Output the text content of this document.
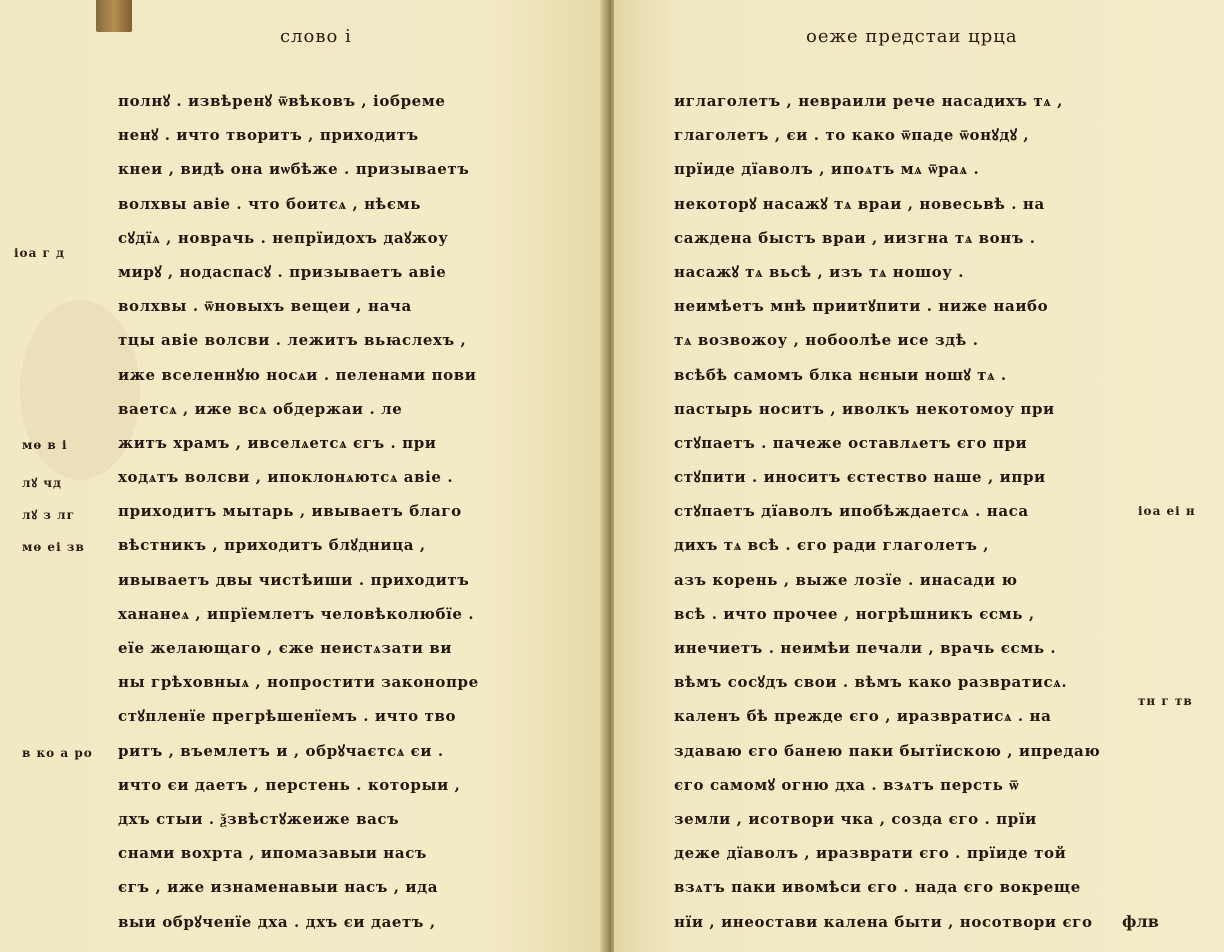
слово і
полнꙋ . извѣренꙋ ѿвѣковъ , іобреме
ненꙋ . ичто творитъ , приходитъ
кнеи , видѣ она иѡбѣже . призываетъ
волхвы авіе . что боитєѧ , нѣємь
сꙋдїѧ , новрачь . непрїидохъ даꙋжоу
мирꙋ , нодаспасꙋ . призываетъ авіе
волхвы . ѿновыхъ вещеи , нача
тцы авіе волсви . лежитъ вьꙗслехъ ,
иже вселеннꙋю носѧи . пеленами пови
ваетсѧ , иже всѧ обдержаи . ле
житъ храмъ , ивселѧетсѧ єгъ . при
ходѧтъ волсви , ипоклонѧютсѧ авіе .
приходитъ мытарь , ивываетъ благо
вѣстникъ , приходитъ блꙋдница ,
ивываетъ двы чистѣиши . приходитъ
хананеѧ , ипрїемлетъ человѣколюбїе .
еїе желающаго , єже неистѧзати ви
ны грѣховныѧ , нопростити законопре
стꙋпленїе прегрѣшенїемъ . ичто тво
ритъ , въемлетъ и , обрꙋчаєтсѧ єи .
ичто єи даетъ , перстень . которыи ,
дхъ стыи . ѯзвѣстꙋжеиже васъ
снами вохрта , ипомазавыи насъ
єгъ , иже изнаменавыи насъ , ида
выи обрꙋченїе дха . дхъ єи даетъ ,
іоа г д
мѳ в і
лꙋ чд
лꙋ з лг
мѳ еі зв
в ко а ро
оеже предстаи црца
иглаголетъ , невраили рече насадихъ тѧ ,
глаголетъ , єи . то како ѿпаде ѿонꙋдꙋ ,
прїиде дїаволъ , ипоѧтъ мѧ ѿраѧ .
некоторꙋ насажꙋ тѧ враи , новесьвѣ . на
саждена быстъ враи , иизгна тѧ вонъ .
насажꙋ тѧ вьсѣ , изъ тѧ ношоу .
неимѣетъ мнѣ приитꙋпити . ниже наибо
тѧ возвожоу , нобоолѣе исе здѣ .
всѣбѣ самомъ блка нєныи ношꙋ тѧ .
пастырь носитъ , иволкъ некотомоу при
стꙋпаетъ . пачеже оставлѧетъ єго при
стꙋпити . иноситъ єстество наше , ипри
стꙋпаетъ дїаволъ ипобѣждаетсѧ . наса
дихъ тѧ всѣ . єго ради глаголетъ ,
азъ корень , выже лозїе . инасади ю
всѣ . ичто прочее , ногрѣшникъ єсмь ,
инечиетъ . неимѣи печали , врачь єсмь .
вѣмъ сосꙋдъ свои . вѣмъ како развратисѧ.
каленъ бѣ прежде єго , иразвратисѧ . на
здаваю єго банею паки бытїискою , ипредаю
єго самомꙋ огню дха . взѧтъ персть ѿ
земли , исотвори чка , созда єго . прїи
деже дїаволъ , иразврати єго . прїиде той
взѧтъ паки ивомѣси єго . нада єго вокреще
нїи , инеостави калена быти , носотвори єго
іоа еі н
тн г тв
флв
